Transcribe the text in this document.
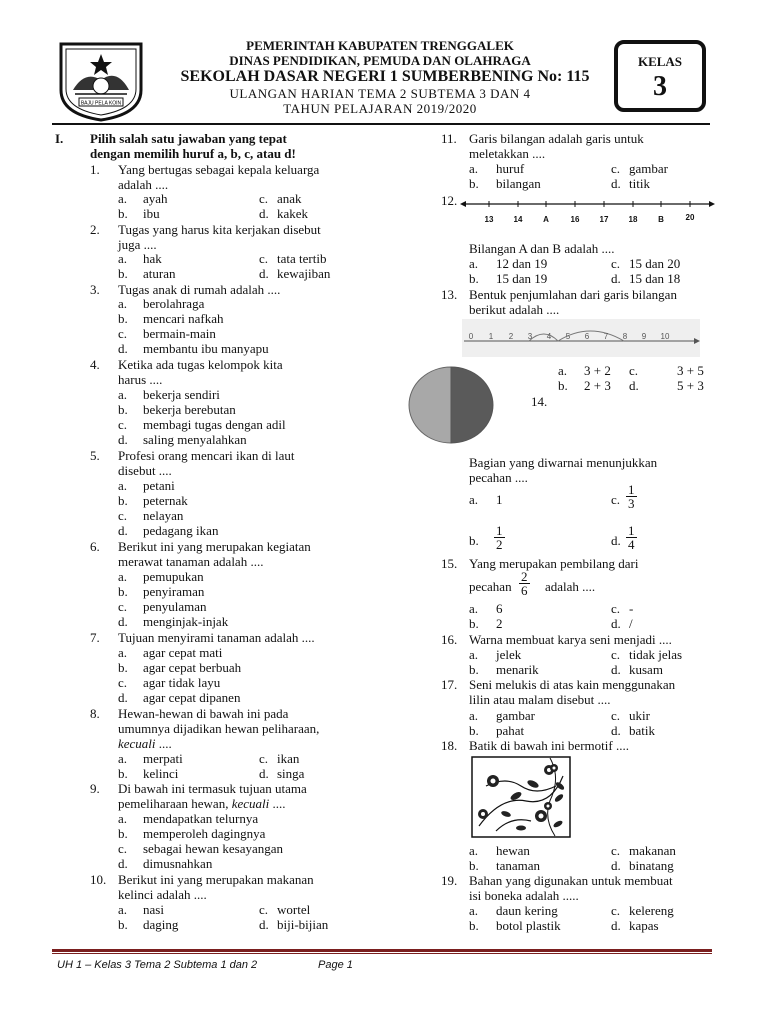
BAJU PELA KOIN
PEMERINTAH KABUPATEN TRENGGALEK
DINAS PENDIDIKAN, PEMUDA DAN OLAHRAGA
SEKOLAH DASAR NEGERI 1 SUMBERBENING No: 115
ULANGAN HARIAN TEMA 2 SUBTEMA 3 DAN 4
TAHUN PELAJARAN 2019/2020
KELAS
3
I. Pilih salah satu jawaban yang tepat
dengan memilih huruf a, b, c, atau d!
1. Yang bertugas sebagai kepala keluarga
adalah ....
a. ayah	c. anak
b. ibu	d. kakek
2. Tugas yang harus kita kerjakan disebut
juga ....
a. hak	c. tata tertib
b. aturan	d. kewajiban
3. Tugas anak di rumah adalah ....
a. berolahraga
b. mencari nafkah
c. bermain-main
d. membantu ibu manyapu
4. Ketika ada tugas kelompok kita
harus ....
a. bekerja sendiri
b. bekerja berebutan
c. membagi tugas dengan adil
d. saling menyalahkan
5. Profesi orang mencari ikan di laut
disebut ....
a. petani
b. peternak
c. nelayan
d. pedagang ikan
6. Berikut ini yang merupakan kegiatan
merawat tanaman adalah ....
a. pemupukan
b. penyiraman
c. penyulaman
d. menginjak-injak
7. Tujuan menyirami tanaman adalah ....
a. agar cepat mati
b. agar cepat berbuah
c. agar tidak layu
d. agar cepat dipanen
8. Hewan-hewan di bawah ini pada
umumnya dijadikan hewan peliharaan,
kecuali ....
a. merpati	c. ikan
b. kelinci	d. singa
9. Di bawah ini termasuk tujuan utama
pemeliharaan hewan, kecuali ....
a. mendapatkan telurnya
b. memperoleh dagingnya
c. sebagai hewan kesayangan
d. dimusnahkan
10. Berikut ini yang merupakan makanan
kelinci adalah ....
a. nasi	c. wortel
b. daging	d. biji-bijian
11. Garis bilangan adalah garis untuk
meletakkan ....
a. huruf	c. gambar
b. bilangan	d. titik
12.
13	14	A	16	17	18	B	20
Bilangan A dan B adalah ....
a. 12 dan 19	c. 15 dan 20
b. 15 dan 19	d. 15 dan 18
13. Bentuk penjumlahan dari garis bilangan
berikut adalah ....
0 1 2 3 4 5 6 7 8 9 10
a. 3 + 2 c.	3 + 5
b. 2 + 3 d.	5 + 3
14.
Bagian yang diwarnai menunjukkan
pecahan ....
a. 1	c. $\frac{1}{3}$
b. $\frac{1}{2}$	d. $\frac{1}{4}$
15. Yang merupakan pembilang dari
pecahan $\frac{2}{6}$ adalah ....
a. 6	c. -
b. 2	d. /
16. Warna membuat karya seni menjadi ....
a. jelek	c. tidak jelas
b. menarik	d. kusam
17. Seni melukis di atas kain menggunakan
lilin atau malam disebut ....
a. gambar	c. ukir
b. pahat	d. batik
18. Batik di bawah ini bermotif ....
a. hewan	c. makanan
b. tanaman	d. binatang
19. Bahan yang digunakan untuk membuat
isi boneka adalah .....
a. daun kering	c. kelereng
b. botol plastik	d. kapas
UH 1 – Kelas 3 Tema 2 Subtema 1 dan 2	Page 1
